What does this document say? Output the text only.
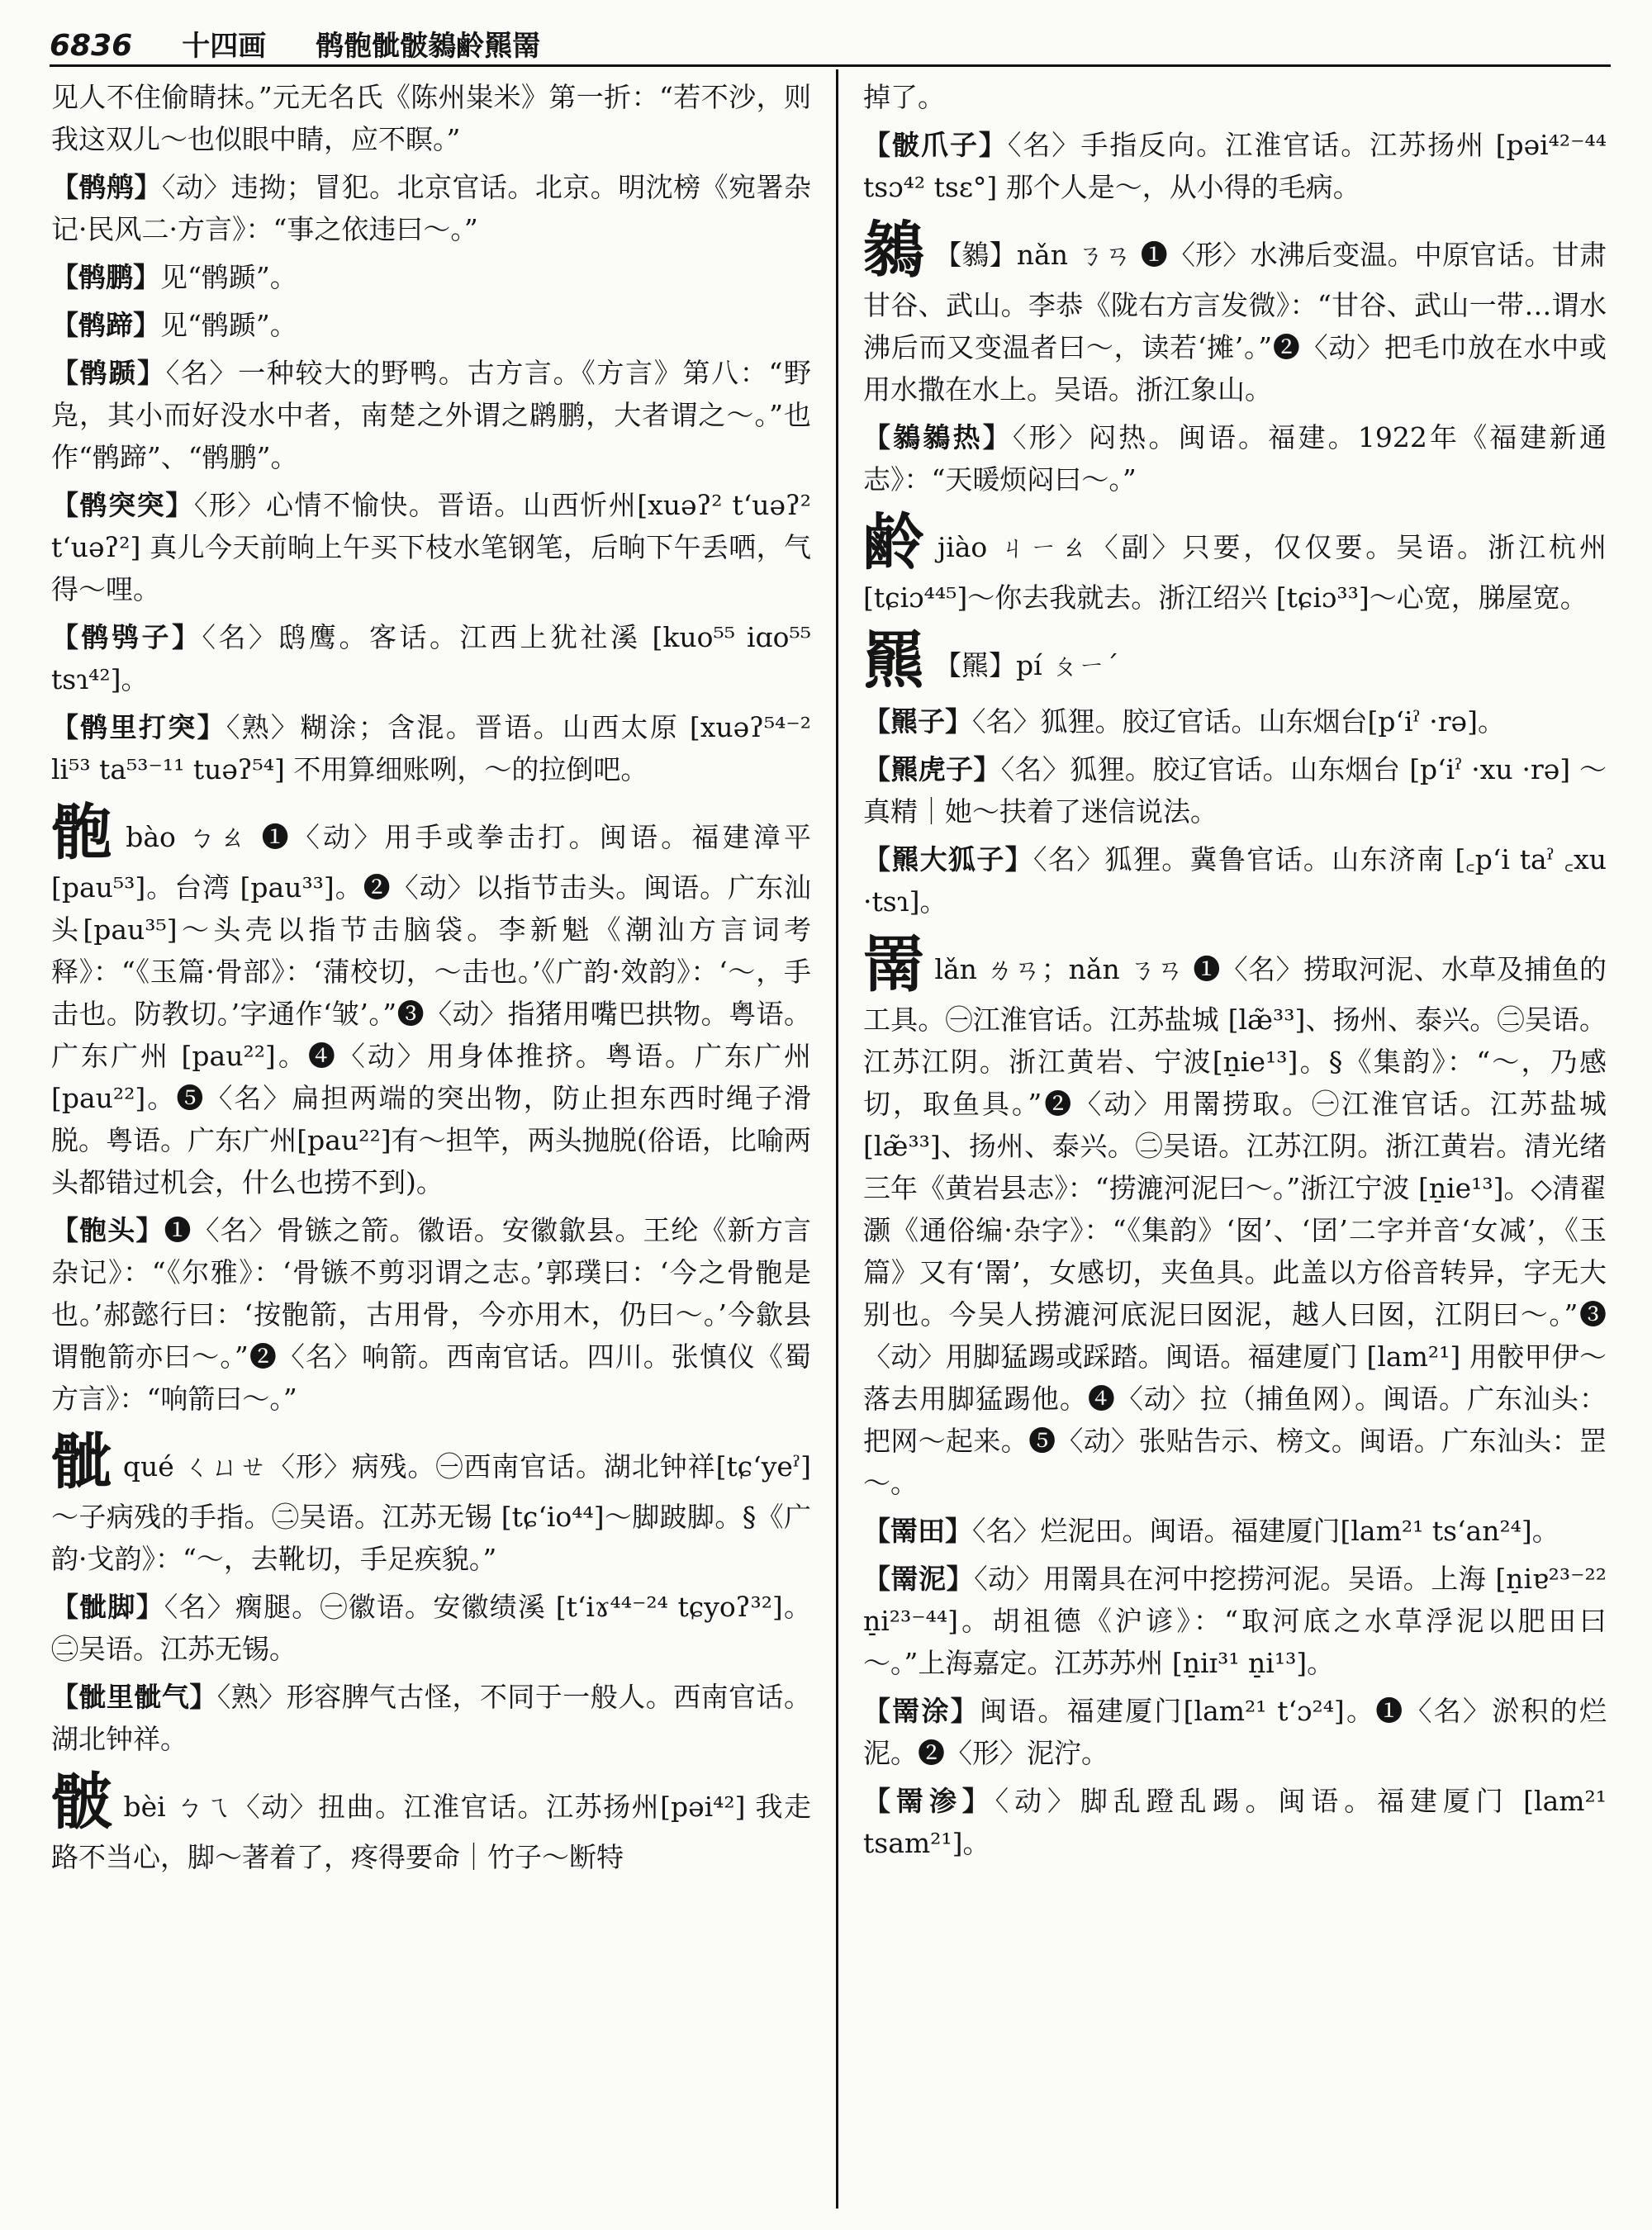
6836 十四画 鹘骲骴骳鶨鹷羆罱

见人不住偷睛抹。”元无名氏《陈州粜米》第一折：“若不沙，则我这双儿～也似眼中睛，应不瞑。”

【鹘鸼】〈动〉违拗；冒犯。北京官话。北京。明沈榜《宛署杂记·民风二·方言》：“事之依违曰～。”

【鹘鹏】见“鹘踬”。

【鹘蹄】见“鹘踬”。

【鹘踬】〈名〉一种较大的野鸭。古方言。《方言》第八：“野凫，其小而好没水中者，南楚之外谓之䴙鹏，大者谓之～。”也作“鹘蹄”、“鹘鹏”。

【鹘突突】〈形〉心情不愉快。晋语。山西忻州[xuəʔ² tʻuəʔ² tʻuəʔ²] 真儿今天前晌上午买下枝水笔钢笔，后晌下午丢哂，气得～哩。

【鹘鸮子】〈名〉鸱鹰。客话。江西上犹社溪 [kuo⁵⁵ iɑo⁵⁵ tsɿ⁴²]。

【鹘里打突】〈熟〉糊涂；含混。晋语。山西太原 [xuəʔ⁵⁴⁻² li⁵³ ta⁵³⁻¹¹ tuəʔ⁵⁴] 不用算细账咧，～的拉倒吧。

骲bào ㄅㄠ ❶〈动〉用手或拳击打。闽语。福建漳平[pau⁵³]。台湾 [pau³³]。❷〈动〉以指节击头。闽语。广东汕头[pau³⁵]～头壳以指节击脑袋。李新魁《潮汕方言词考释》：“《玉篇·骨部》：‘蒲校切，～击也。’《广韵·效韵》：‘～，手击也。防教切。’字通作‘皱’。”❸〈动〉指猪用嘴巴拱物。粤语。广东广州 [pau²²]。❹〈动〉用身体推挤。粤语。广东广州 [pau²²]。❺〈名〉扁担两端的突出物，防止担东西时绳子滑脱。粤语。广东广州[pau²²]有～担竿，两头抛脱(俗语，比喻两头都错过机会，什么也捞不到)。

【骲头】❶〈名〉骨镞之箭。徽语。安徽歙县。王纶《新方言杂记》：“《尔雅》：‘骨镞不剪羽谓之志。’郭璞曰：‘今之骨骲是也。’郝懿行曰：‘按骲箭，古用骨，今亦用木，仍曰～。’今歙县谓骲箭亦曰～。”❷〈名〉响箭。西南官话。四川。张慎仪《蜀方言》：“响箭曰～。”

骴qué ㄑㄩㄝ〈形〉病残。㊀西南官话。湖北钟祥[tɕʻyeˀ]～子病残的手指。㊁吴语。江苏无锡 [tɕʻio⁴⁴]～脚跛脚。§《广韵·戈韵》：“～，去靴切，手足疾貌。”

【骴脚】〈名〉瘸腿。㊀徽语。安徽绩溪 [tʻiɤ⁴⁴⁻²⁴ tɕyoʔ³²]。㊁吴语。江苏无锡。

【骴里骴气】〈熟〉形容脾气古怪，不同于一般人。西南官话。湖北钟祥。

骳bèi ㄅㄟ〈动〉扭曲。江淮官话。江苏扬州[pəi⁴²] 我走路不当心，脚～著着了，疼得要命｜竹子～断特

掉了。

【骳爪子】〈名〉手指反向。江淮官话。江苏扬州 [pəi⁴²⁻⁴⁴ tsɔ⁴² tsɛ°] 那个人是～，从小得的毛病。

鶨 【鶨】nǎn ㄋㄢ ❶〈形〉水沸后变温。中原官话。甘肃甘谷、武山。李恭《陇右方言发微》：“甘谷、武山一带…谓水沸后而又变温者曰～，读若‘摊’。”❷〈动〉把毛巾放在水中或用水撒在水上。吴语。浙江象山。

【鶨鶨热】〈形〉闷热。闽语。福建。1922年《福建新通志》：“天暖烦闷曰～。”

鹷jiào ㄐㄧㄠ〈副〉只要，仅仅要。吴语。浙江杭州 [tɕiɔ⁴⁴⁵]～你去我就去。浙江绍兴 [tɕiɔ³³]～心宽，䏲屋宽。

羆 【羆】pí ㄆㄧˊ

【羆子】〈名〉狐狸。胶辽官话。山东烟台[pʻiˀ ·rə]。

【羆虎子】〈名〉狐狸。胶辽官话。山东烟台 [pʻiˀ ·xu ·rə] ～真精｜她～扶着了迷信说法。

【羆大狐子】〈名〉狐狸。冀鲁官话。山东济南 [꜀pʻi taˀ ꜀xu ·tsɿ]。

罱lǎn ㄌㄢ；nǎn ㄋㄢ ❶〈名〉捞取河泥、水草及捕鱼的工具。㊀江淮官话。江苏盐城 [læ̃³³]、扬州、泰兴。㊁吴语。江苏江阴。浙江黄岩、宁波[n̠ie¹³]。§《集韵》：“～，乃感切，取鱼具。”❷〈动〉用罱捞取。㊀江淮官话。江苏盐城 [læ̃³³]、扬州、泰兴。㊁吴语。江苏江阴。浙江黄岩。清光绪三年《黄岩县志》：“捞漉河泥曰～。”浙江宁波 [n̠ie¹³]。◇清翟灏《通俗编·杂字》：“《集韵》‘囡’、‘囝’二字并音‘女减’，《玉篇》又有‘罱’，女感切，夹鱼具。此盖以方俗音转异，字无大别也。今吴人捞漉河底泥曰囡泥，越人曰囡，江阴曰～。”❸〈动〉用脚猛踢或踩踏。闽语。福建厦门 [lam²¹] 用骹甲伊～落去用脚猛踢他。❹〈动〉拉（捕鱼网）。闽语。广东汕头：把网～起来。❺〈动〉张贴告示、榜文。闽语。广东汕头：罡～。

【罱田】〈名〉烂泥田。闽语。福建厦门[lam²¹ tsʻan²⁴]。

【罱泥】〈动〉用罱具在河中挖捞河泥。吴语。上海 [n̠iɐ²³⁻²² n̠i²³⁻⁴⁴]。胡祖德《沪谚》：“取河底之水草浮泥以肥田曰～。”上海嘉定。江苏苏州 [n̠iɪ³¹ n̠i¹³]。

【罱涂】闽语。福建厦门[lam²¹ tʻɔ²⁴]。❶〈名〉淤积的烂泥。❷〈形〉泥泞。

【罱渗】〈动〉脚乱蹬乱踢。闽语。福建厦门 [lam²¹ tsam²¹]。
